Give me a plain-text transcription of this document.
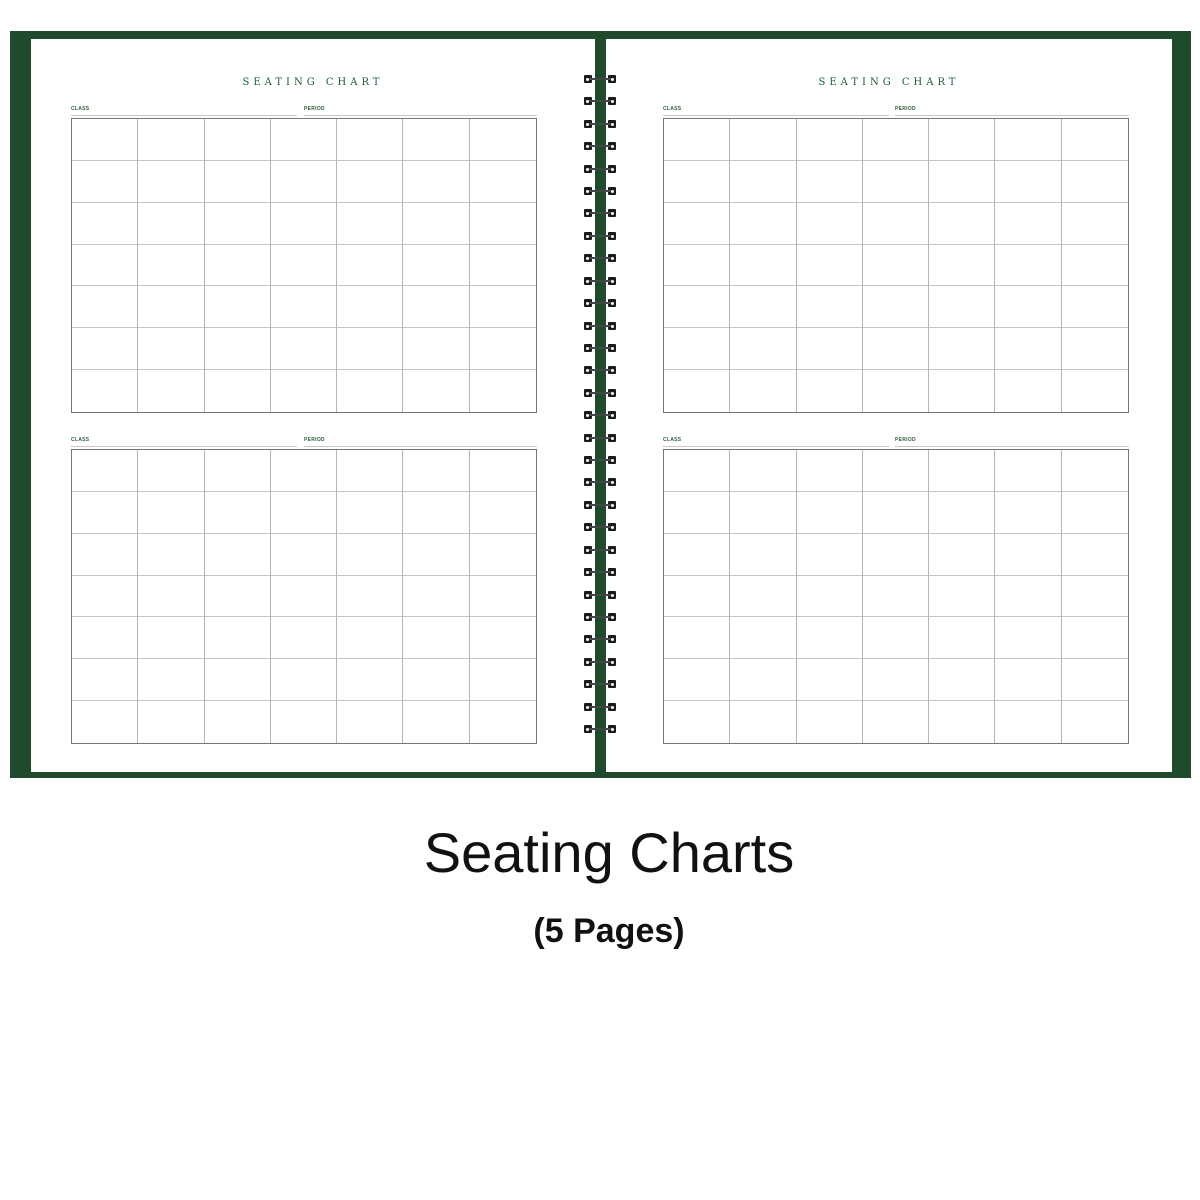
SEATING CHART
CLASS	PERIOD
CLASS	PERIOD
SEATING CHART
CLASS	PERIOD
CLASS	PERIOD
Seating Charts
(5 Pages)
